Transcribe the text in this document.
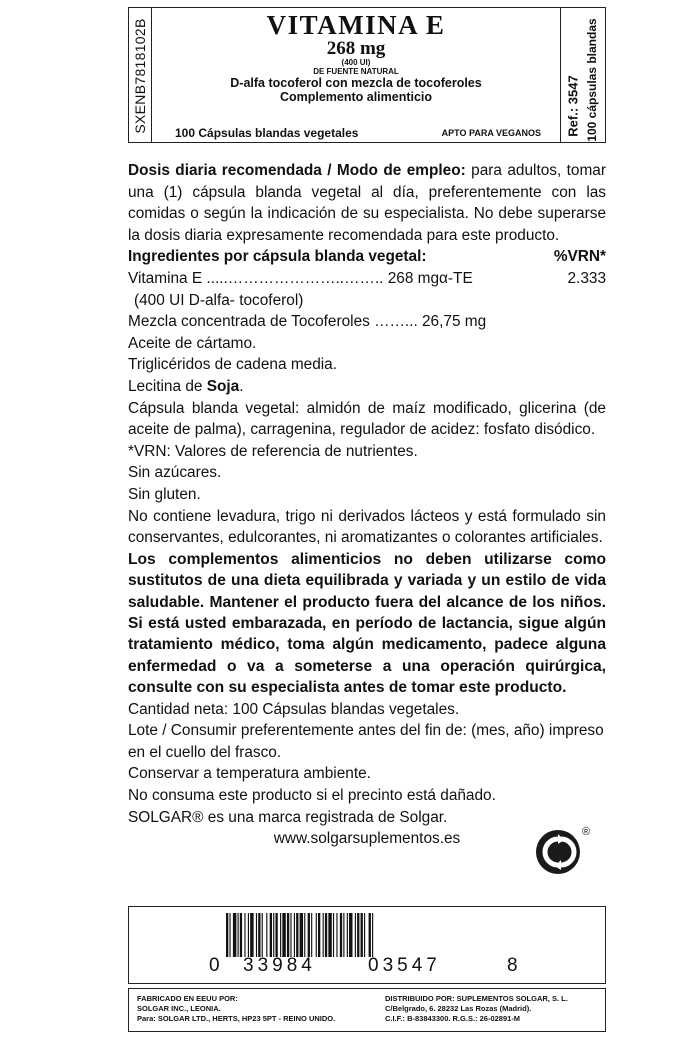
SXENB7818102B	VITAMINA E
268 mg
(400 UI)
DE FUENTE NATURAL
D-alfa tocoferol con mezcla de tocoferoles
Complemento alimenticio
100 Cápsulas blandas vegetales	APTO PARA VEGANOS Ref.: 3547 100 cápsulas blandas

Dosis diaria recomendada / Modo de empleo: para adultos, tomar una (1) cápsula blanda vegetal al día, preferentemente con las comidas o según la indicación de su especialista. No debe superarse la dosis diaria expresamente recomendada para este producto.

Ingredientes por cápsula blanda vegetal:	%VRN*
Vitamina E .....…………………..…….. 268 mgα-TE	2.333

(400 UI D-alfa- tocoferol)

Mezcla concentrada de Tocoferoles ……... 26,75 mg

Aceite de cártamo.

Triglicéridos de cadena media.

Lecitina de Soja.

Cápsula blanda vegetal: almidón de maíz modificado, glicerina (de aceite de palma), carragenina, regulador de acidez: fosfato disódico.

*VRN: Valores de referencia de nutrientes.

Sin azúcares.

Sin gluten.

No contiene levadura, trigo ni derivados lácteos y está formulado sin conservantes, edulcorantes, ni aromatizantes o colorantes artificiales.

Los complementos alimenticios no deben utilizarse como sustitutos de una dieta equilibrada y variada y un estilo de vida saludable. Mantener el producto fuera del alcance de los niños. Si está usted embarazada, en período de lactancia, sigue algún tratamiento médico, toma algún medicamento, padece alguna enfermedad o va a someterse a una operación quirúrgica, consulte con su especialista antes de tomar este producto.

Cantidad neta: 100 Cápsulas blandas vegetales.

Lote / Consumir preferentemente antes del fin de: (mes, año) impreso en el cuello del frasco.

Conservar a temperatura ambiente.

No consuma este producto si el precinto está dañado.

SOLGAR® es una marca registrada de Solgar.

www.solgarsuplementos.es	®
0 33984	03547	8
FABRICADO EN EEUU POR:
SOLGAR INC., LEONIA.
Para: SOLGAR LTD., HERTS, HP23 5PT - REINO UNIDO.
DISTRIBUIDO POR: SUPLEMENTOS SOLGAR, S. L.
C/Belgrado, 6. 28232 Las Rozas (Madrid).
C.I.F.: B-83843300. R.G.S.: 26-02891-M
